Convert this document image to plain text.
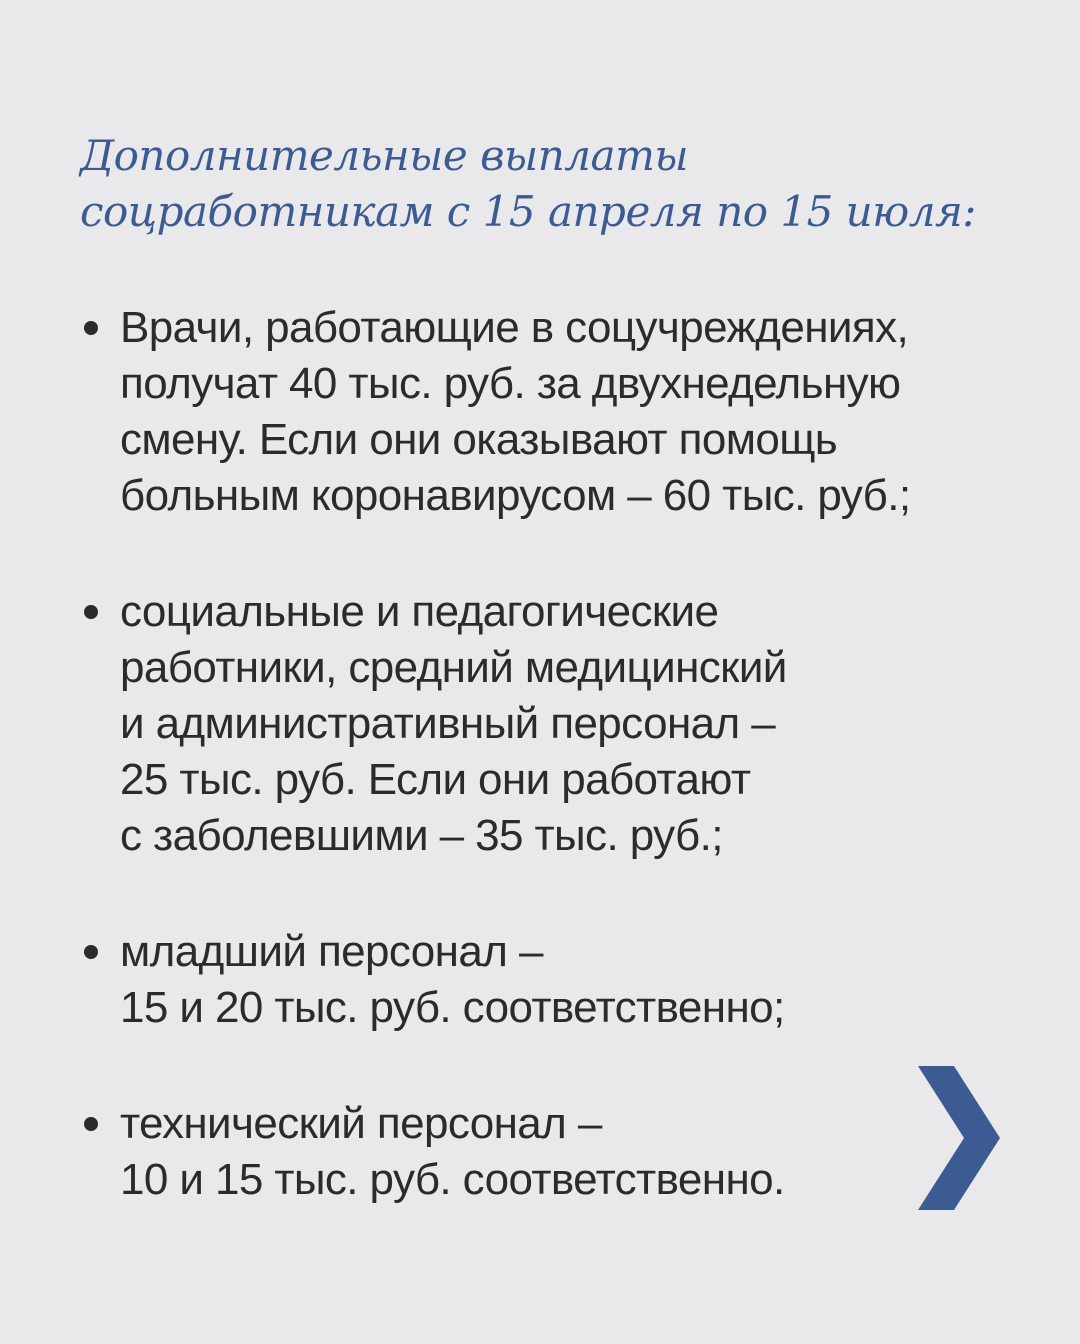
Дополнительные выплаты
соцработникам с 15 апреля по 15 июля:
Врачи, работающие в соцучреждениях,
получат 40 тыс. руб. за двухнедельную
смену. Если они оказывают помощь
больным коронавирусом – 60 тыс. руб.;
социальные и педагогические
работники, средний медицинский
и административный персонал –
25 тыс. руб. Если они работают
с заболевшими – 35 тыс. руб.;
младший персонал –
15 и 20 тыс. руб. соответственно;
технический персонал –
10 и 15 тыс. руб. соответственно.
